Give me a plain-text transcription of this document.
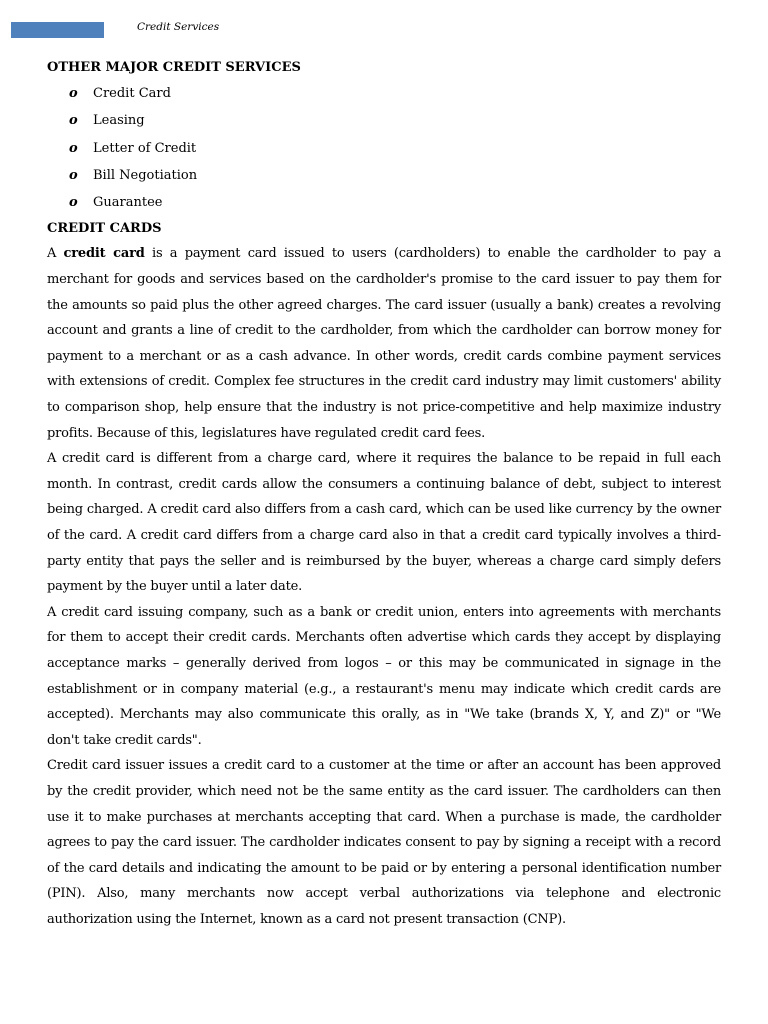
Credit Services
OTHER MAJOR CREDIT SERVICES
o Credit Card
o Leasing
o Letter of Credit
o Bill Negotiation
o Guarantee
CREDIT CARDS

A credit card is a payment card issued to users (cardholders) to enable the cardholder to pay a merchant for goods and services based on the cardholder's promise to the card issuer to pay them for the amounts so paid plus the other agreed charges. The card issuer (usually a bank) creates a revolving account and grants a line of credit to the cardholder, from which the cardholder can borrow money for payment to a merchant or as a cash advance. In other words, credit cards combine payment services with extensions of credit. Complex fee structures in the credit card industry may limit customers' ability to comparison shop, help ensure that the industry is not price-competitive and help maximize industry profits. Because of this, legislatures have regulated credit card fees.

A credit card is different from a charge card, where it requires the balance to be repaid in full each month. In contrast, credit cards allow the consumers a continuing balance of debt, subject to interest being charged. A credit card also differs from a cash card, which can be used like currency by the owner of the card. A credit card differs from a charge card also in that a credit card typically involves a third-party entity that pays the seller and is reimbursed by the buyer, whereas a charge card simply defers payment by the buyer until a later date.

A credit card issuing company, such as a bank or credit union, enters into agreements with merchants for them to accept their credit cards. Merchants often advertise which cards they accept by displaying acceptance marks – generally derived from logos – or this may be communicated in signage in the establishment or in company material (e.g., a restaurant's menu may indicate which credit cards are accepted). Merchants may also communicate this orally, as in "We take (brands X, Y, and Z)" or "We don't take credit cards".

Credit card issuer issues a credit card to a customer at the time or after an account has been approved by the credit provider, which need not be the same entity as the card issuer. The cardholders can then use it to make purchases at merchants accepting that card. When a purchase is made, the cardholder agrees to pay the card issuer. The cardholder indicates consent to pay by signing a receipt with a record of the card details and indicating the amount to be paid or by entering a personal identification number (PIN). Also, many merchants now accept verbal authorizations via telephone and electronic authorization using the Internet, known as a card not present transaction (CNP).
